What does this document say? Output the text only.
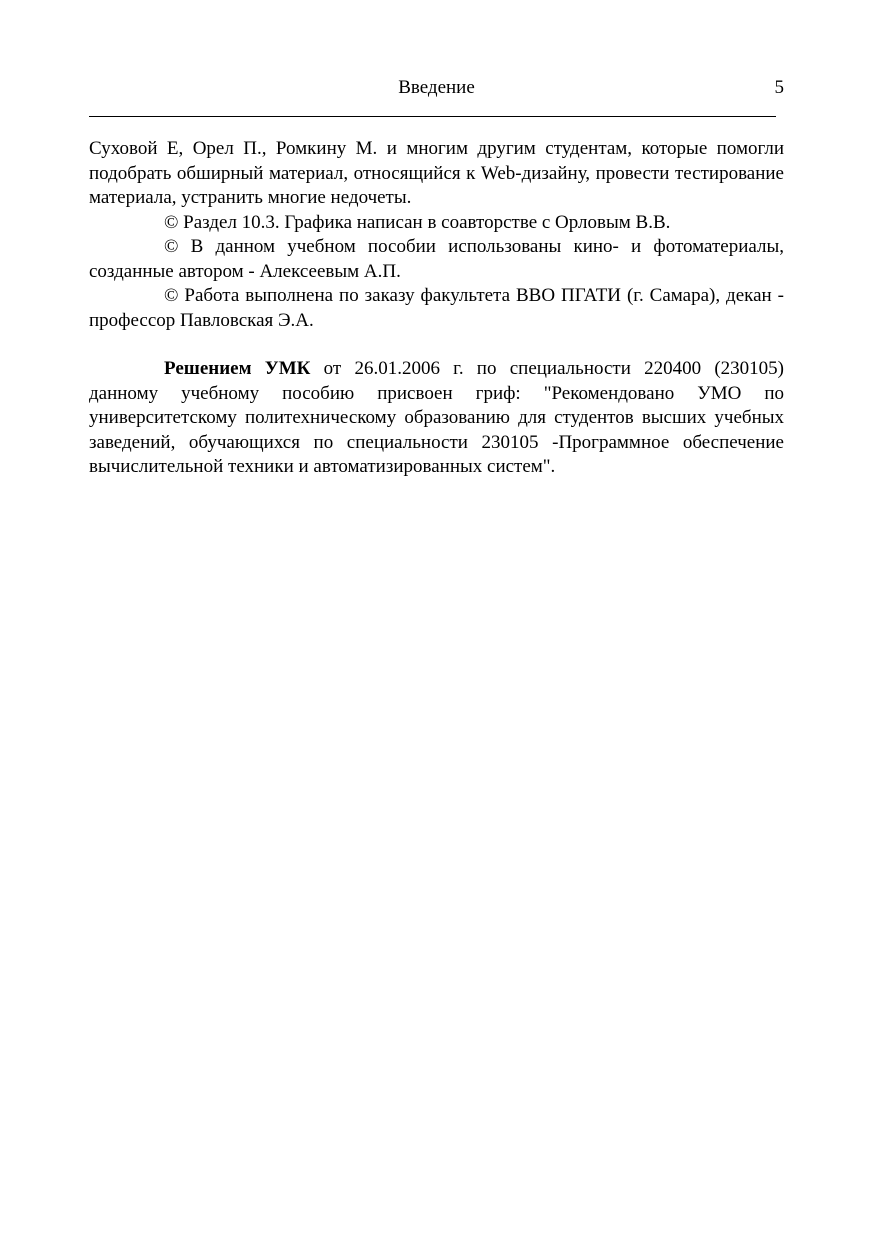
Введение	5

Суховой Е, Орел П., Ромкину М. и многим другим студентам, которые помогли подобрать обширный материал, относящийся к Web-дизайну, провести тестирование материала, устранить многие недочеты.

© Раздел 10.3. Графика написан в соавторстве с Орловым В.В.

© В данном учебном пособии использованы кино- и фотоматериалы, созданные автором - Алексеевым А.П.

© Работа выполнена по заказу факультета ВВО ПГАТИ (г. Самара), декан - профессор Павловская Э.А.

Решением УМК от 26.01.2006 г. по специальности 220400 (230105) данному учебному пособию присвоен гриф: "Рекомендовано УМО по университетскому политехническому образованию для студентов высших учебных заведений, обучающихся по специальности 230105 -Программное обеспечение вычислительной техники и автоматизированных систем".
